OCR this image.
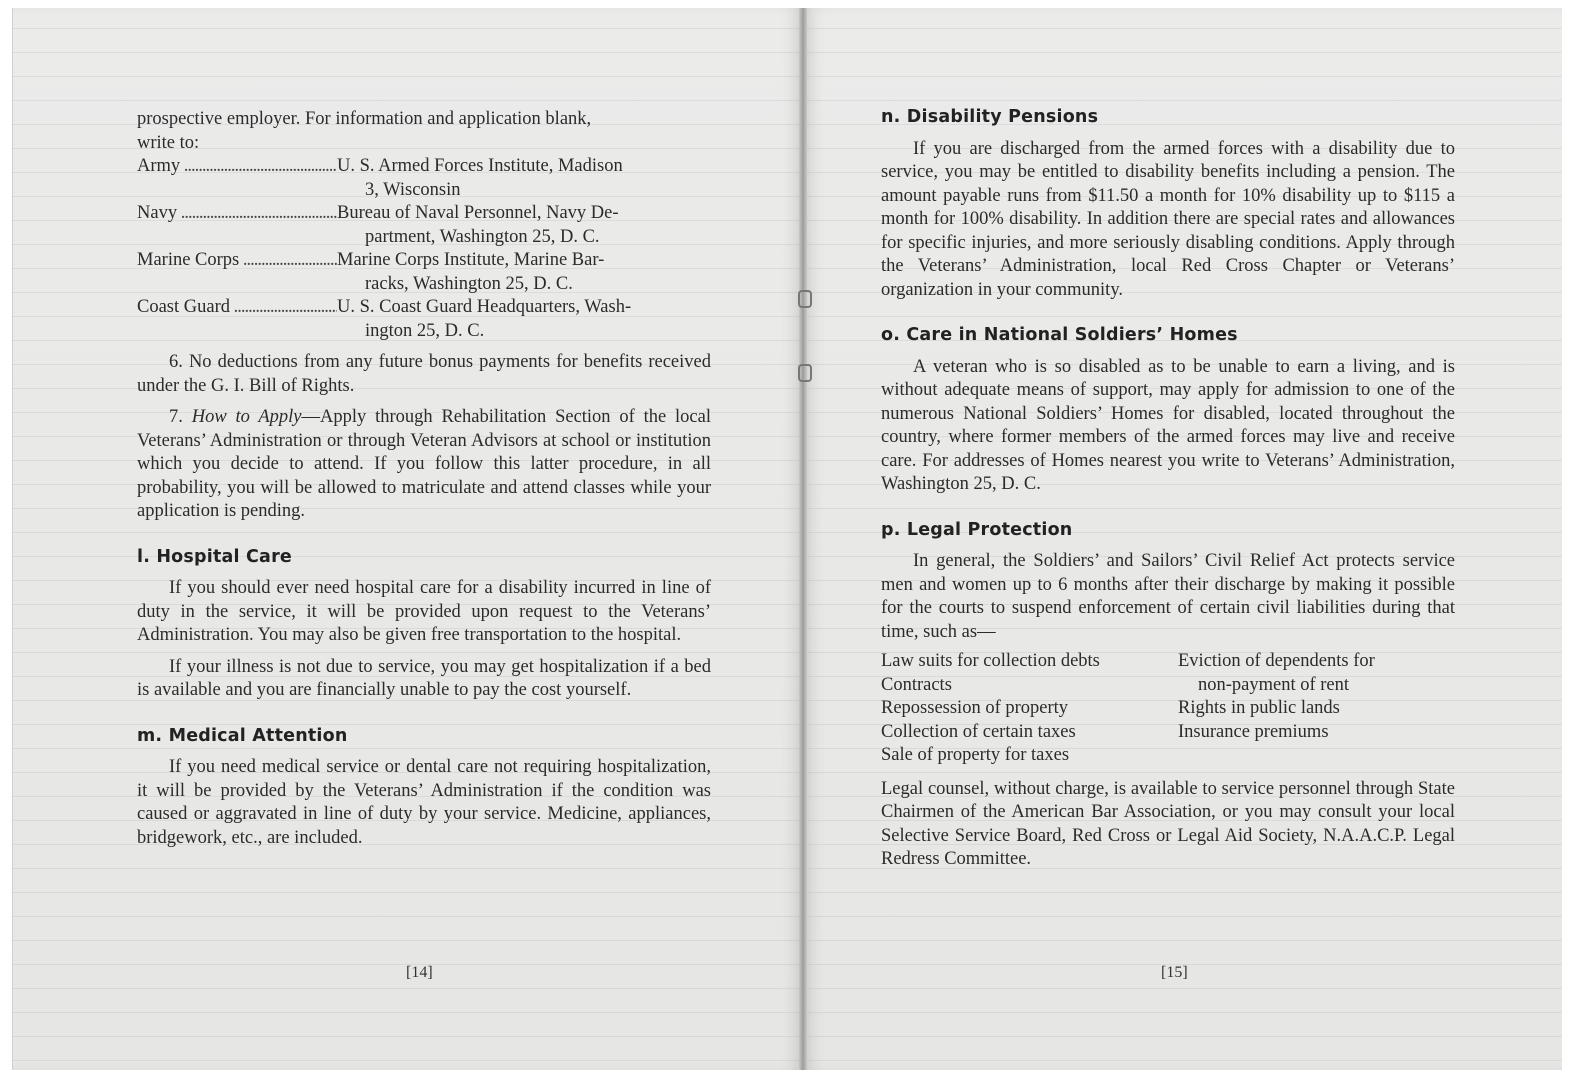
prospective employer. For information and application blank,

write to:

Army .....	U. S. Armed Forces Institute, Madison
3, Wisconsin
Navy .....	Bureau of Naval Personnel, Navy De-
partment, Washington 25, D. C.
Marine Corps .....	Marine Corps Institute, Marine Bar-
racks, Washington 25, D. C.
Coast Guard .....	U. S. Coast Guard Headquarters, Wash-
ington 25, D. C.

6. No deductions from any future bonus payments for benefits received under the G. I. Bill of Rights.

7. How to Apply—Apply through Rehabilitation Section of the local Veterans’ Administration or through Veteran Advisors at school or institution which you decide to attend. If you follow this latter procedure, in all probability, you will be allowed to matriculate and attend classes while your application is pending.

l. Hospital Care

If you should ever need hospital care for a disability incurred in line of duty in the service, it will be provided upon request to the Veterans’ Administration. You may also be given free transportation to the hospital.

If your illness is not due to service, you may get hospitalization if a bed is available and you are financially unable to pay the cost yourself.

m. Medical Attention

If you need medical service or dental care not requiring hospitalization, it will be provided by the Veterans’ Administration if the condition was caused or aggravated in line of duty by your service. Medicine, appliances, bridgework, etc., are included.

[14]
n. Disability Pensions

If you are discharged from the armed forces with a disability due to service, you may be entitled to disability benefits including a pension. The amount payable runs from $11.50 a month for 10% disability up to $115 a month for 100% disability. In addition there are special rates and allowances for specific injuries, and more seriously disabling conditions. Apply through the Veterans’ Administration, local Red Cross Chapter or Veterans’ organization in your community.

o. Care in National Soldiers’ Homes

A veteran who is so disabled as to be unable to earn a living, and is without adequate means of support, may apply for admission to one of the numerous National Soldiers’ Homes for disabled, located throughout the country, where former members of the armed forces may live and receive care. For addresses of Homes nearest you write to Veterans’ Administration, Washington 25, D. C.

p. Legal Protection

In general, the Soldiers’ and Sailors’ Civil Relief Act protects service men and women up to 6 months after their discharge by making it possible for the courts to suspend enforcement of certain civil liabilities during that time, such as—

Law suits for collection debts	Eviction of dependents for
Contracts	non-payment of rent
Repossession of property	Rights in public lands
Collection of certain taxes	Insurance premiums
Sale of property for taxes

Legal counsel, without charge, is available to service personnel through State Chairmen of the American Bar Association, or you may consult your local Selective Service Board, Red Cross or Legal Aid Society, N.A.A.C.P. Legal Redress Committee.

[15]
